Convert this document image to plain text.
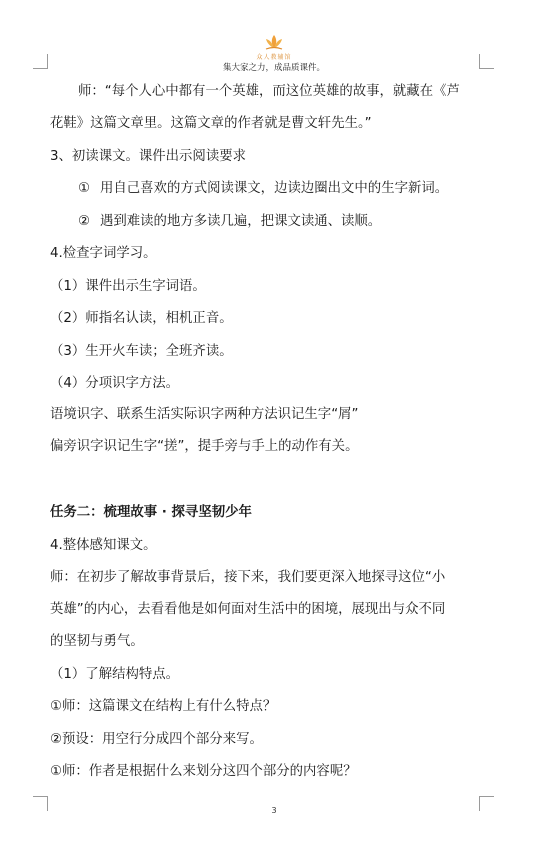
众人教辅馆
集大家之力，成品质课件。
师：“每个人心中都有一个英雄，而这位英雄的故事，就藏在《芦
花鞋》这篇文章里。这篇文章的作者就是曹文轩先生。”
3、初读课文。课件出示阅读要求
① 用自己喜欢的方式阅读课文，边读边圈出文中的生字新词。
② 遇到难读的地方多读几遍，把课文读通、读顺。
4.检查字词学习。
（1）课件出示生字词语。
（2）师指名认读，相机正音。
（3）生开火车读；全班齐读。
（4）分项识字方法。
语境识字、联系生活实际识字两种方法识记生字“屑”
偏旁识字识记生字“搓”，提手旁与手上的动作有关。
任务二：梳理故事 · 探寻坚韧少年
4.整体感知课文。
师：在初步了解故事背景后，接下来，我们要更深入地探寻这位“小
英雄”的内心，去看看他是如何面对生活中的困境，展现出与众不同
的坚韧与勇气。
（1）了解结构特点。
①师：这篇课文在结构上有什么特点？
②预设：用空行分成四个部分来写。
①师：作者是根据什么来划分这四个部分的内容呢？
3
